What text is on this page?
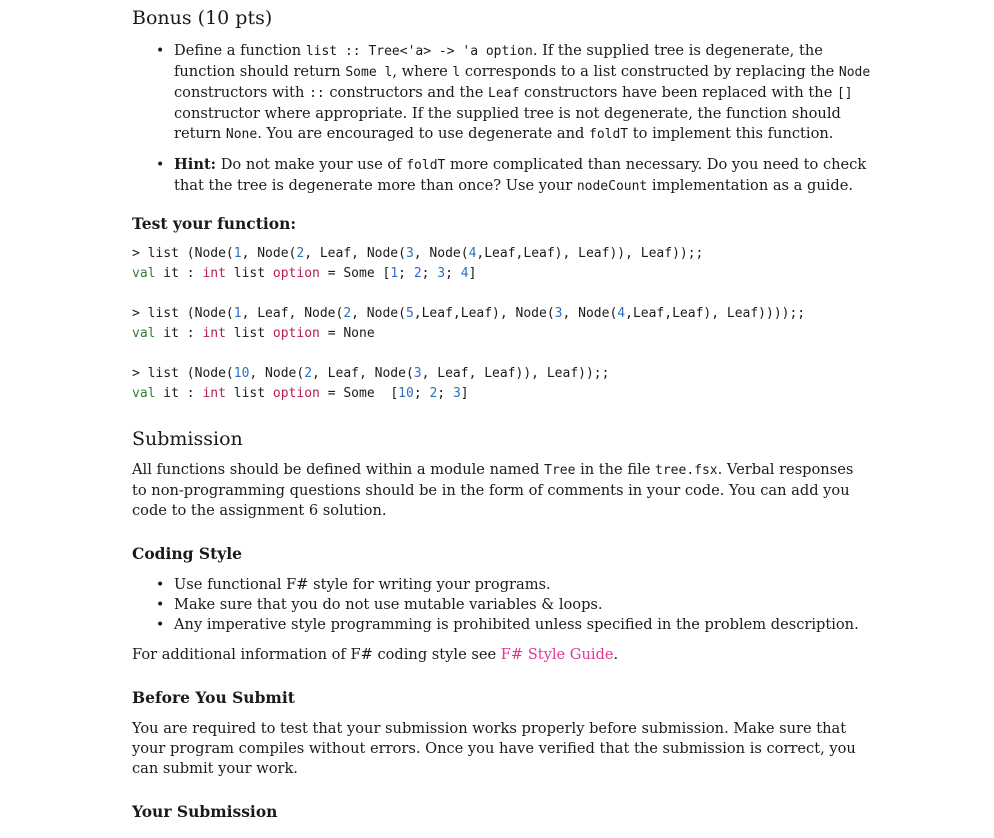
Bonus (10 pts)
• Define a function list :: Tree<'a> -> 'a option. If the supplied tree is degenerate, the function should return Some l, where l corresponds to a list constructed by replacing the Node constructors with :: constructors and the Leaf constructors have been replaced with the [] constructor where appropriate. If the supplied tree is not degenerate, the function should return None. You are encouraged to use degenerate and foldT to implement this function.
• Hint: Do not make your use of foldT more complicated than necessary. Do you need to check that the tree is degenerate more than once? Use your nodeCount implementation as a guide.
Test your function:
> list (Node(1, Node(2, Leaf, Node(3, Node(4,Leaf,Leaf), Leaf)), Leaf));;
val it : int list option = Some [1; 2; 3; 4]
> list (Node(1, Leaf, Node(2, Node(5,Leaf,Leaf), Node(3, Node(4,Leaf,Leaf), Leaf))));;
val it : int list option = None
> list (Node(10, Node(2, Leaf, Node(3, Leaf, Leaf)), Leaf));;
val it : int list option = Some  [10; 2; 3]
Submission

All functions should be defined within a module named Tree in the file tree.fsx. Verbal responses to non-programming questions should be in the form of comments in your code. You can add you code to the assignment 6 solution.

Coding Style
• Use functional F# style for writing your programs.
• Make sure that you do not use mutable variables & loops.
• Any imperative style programming is prohibited unless specified in the problem description.

For additional information of F# coding style see F# Style Guide.

Before You Submit

You are required to test that your submission works properly before submission. Make sure that your program compiles without errors. Once you have verified that the submission is correct, you can submit your work.

Your Submission
